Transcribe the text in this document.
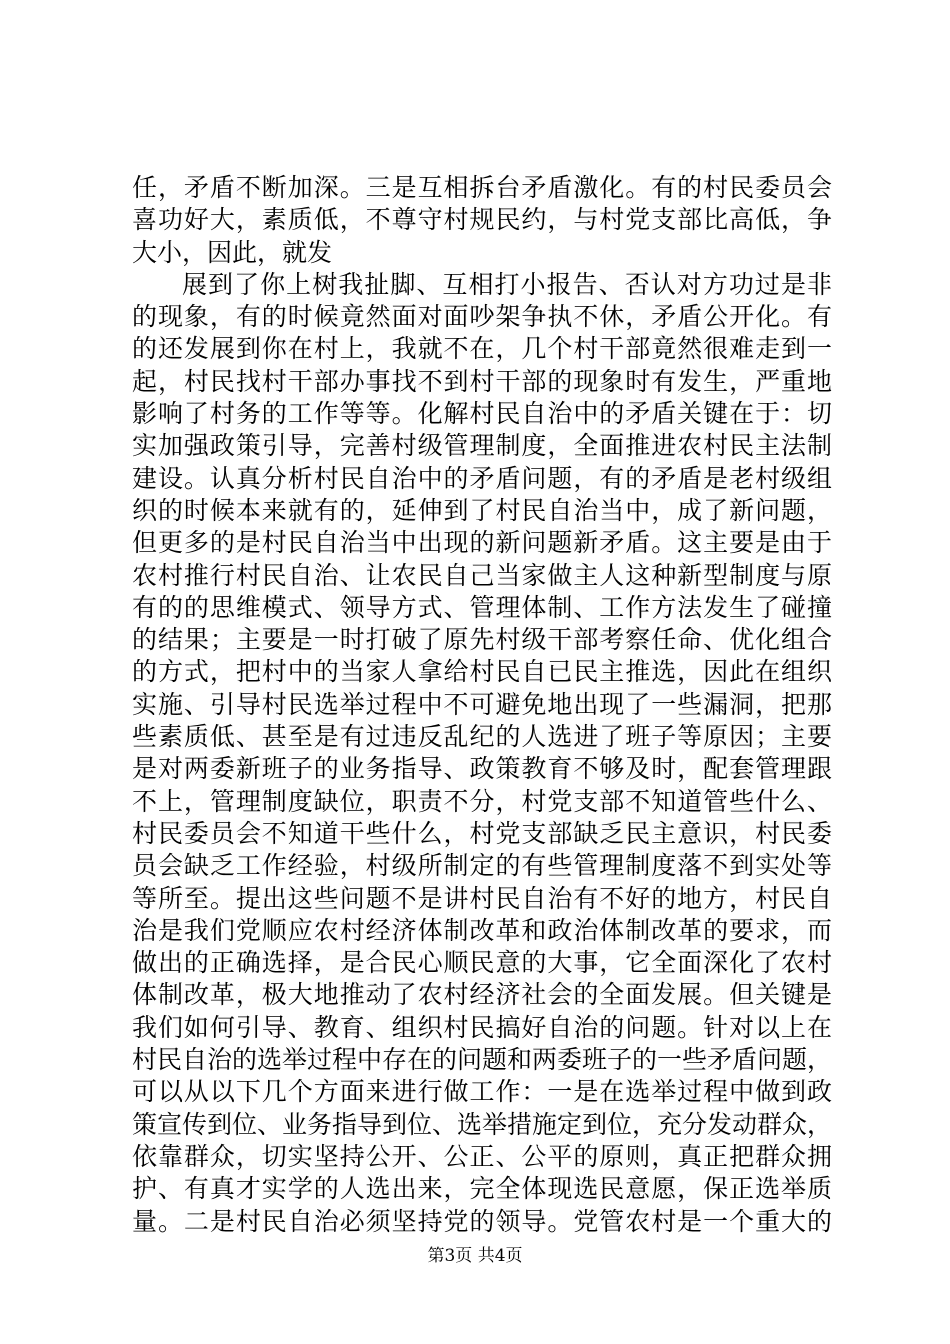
任，矛盾不断加深。三是互相拆台矛盾激化。有的村民委员会
喜功好大，素质低，不尊守村规民约，与村党支部比高低，争
大小，因此，就发
展到了你上树我扯脚、互相打小报告、否认对方功过是非
的现象，有的时候竟然面对面吵架争执不休，矛盾公开化。有
的还发展到你在村上，我就不在，几个村干部竟然很难走到一
起，村民找村干部办事找不到村干部的现象时有发生，严重地
影响了村务的工作等等。化解村民自治中的矛盾关键在于：切
实加强政策引导，完善村级管理制度，全面推进农村民主法制
建设。认真分析村民自治中的矛盾问题，有的矛盾是老村级组
织的时候本来就有的，延伸到了村民自治当中，成了新问题，
但更多的是村民自治当中出现的新问题新矛盾。这主要是由于
农村推行村民自治、让农民自己当家做主人这种新型制度与原
有的的思维模式、领导方式、管理体制、工作方法发生了碰撞
的结果；主要是一时打破了原先村级干部考察任命、优化组合
的方式，把村中的当家人拿给村民自已民主推选，因此在组织
实施、引导村民选举过程中不可避免地出现了一些漏洞，把那
些素质低、甚至是有过违反乱纪的人选进了班子等原因；主要
是对两委新班子的业务指导、政策教育不够及时，配套管理跟
不上，管理制度缺位，职责不分，村党支部不知道管些什么、
村民委员会不知道干些什么，村党支部缺乏民主意识，村民委
员会缺乏工作经验，村级所制定的有些管理制度落不到实处等
等所至。提出这些问题不是讲村民自治有不好的地方，村民自
治是我们党顺应农村经济体制改革和政治体制改革的要求，而
做出的正确选择，是合民心顺民意的大事，它全面深化了农村
体制改革，极大地推动了农村经济社会的全面发展。但关键是
我们如何引导、教育、组织村民搞好自治的问题。针对以上在
村民自治的选举过程中存在的问题和两委班子的一些矛盾问题，
可以从以下几个方面来进行做工作：一是在选举过程中做到政
策宣传到位、业务指导到位、选举措施定到位，充分发动群众，
依靠群众，切实坚持公开、公正、公平的原则，真正把群众拥
护、有真才实学的人选出来，完全体现选民意愿，保正选举质
量。二是村民自治必须坚持党的领导。党管农村是一个重大的
第3页 共4页
